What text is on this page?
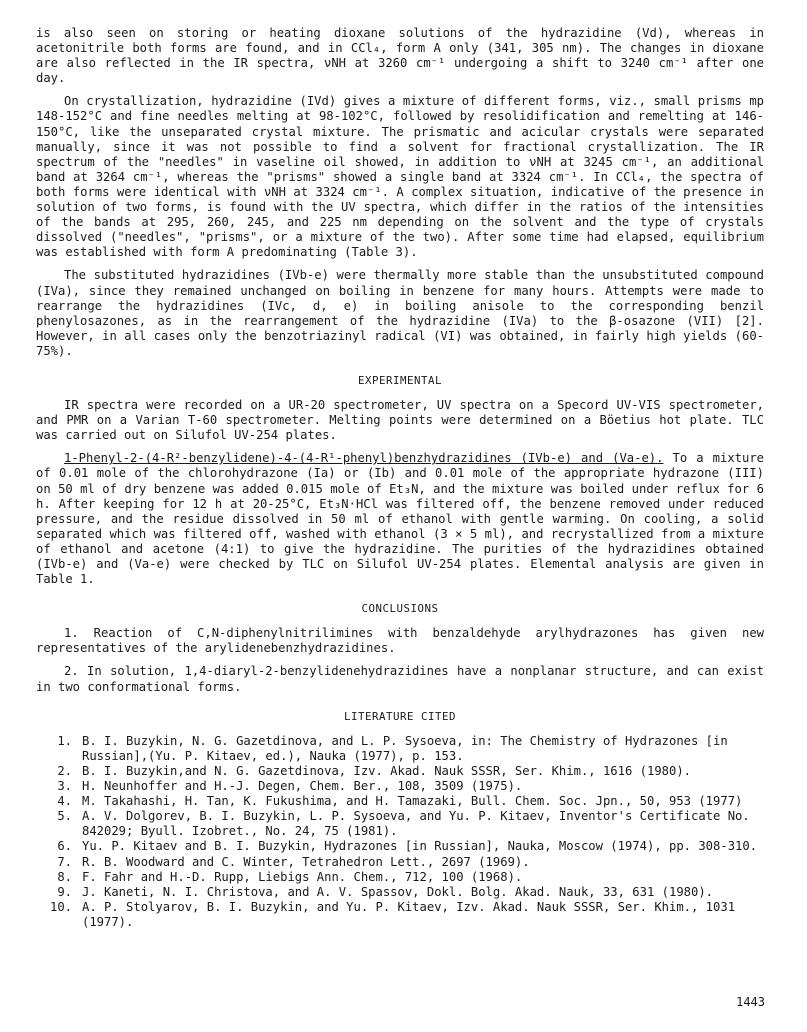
is also seen on storing or heating dioxane solutions of the hydrazidine (Vd), whereas in acetonitrile both forms are found, and in CCl₄, form A only (341, 305 nm). The changes in dioxane are also reflected in the IR spectra, νNH at 3260 cm⁻¹ undergoing a shift to 3240 cm⁻¹ after one day.

On crystallization, hydrazidine (IVd) gives a mixture of different forms, viz., small prisms mp 148-152°C and fine needles melting at 98-102°C, followed by resolidification and remelting at 146-150°C, like the unseparated crystal mixture. The prismatic and acicular crystals were separated manually, since it was not possible to find a solvent for fractional crystallization. The IR spectrum of the "needles" in vaseline oil showed, in addition to νNH at 3245 cm⁻¹, an additional band at 3264 cm⁻¹, whereas the "prisms" showed a single band at 3324 cm⁻¹. In CCl₄, the spectra of both forms were identical with νNH at 3324 cm⁻¹. A complex situation, indicative of the presence in solution of two forms, is found with the UV spectra, which differ in the ratios of the intensities of the bands at 295, 260, 245, and 225 nm depending on the solvent and the type of crystals dissolved ("needles", "prisms", or a mixture of the two). After some time had elapsed, equilibrium was established with form A predominating (Table 3).

The substituted hydrazidines (IVb-e) were thermally more stable than the unsubstituted compound (IVa), since they remained unchanged on boiling in benzene for many hours. Attempts were made to rearrange the hydrazidines (IVc, d, e) in boiling anisole to the corresponding benzil phenylosazones, as in the rearrangement of the hydrazidine (IVa) to the β-osazone (VII) [2]. However, in all cases only the benzotriazinyl radical (VI) was obtained, in fairly high yields (60-75%).

EXPERIMENTAL

IR spectra were recorded on a UR-20 spectrometer, UV spectra on a Specord UV-VIS spectrometer, and PMR on a Varian T-60 spectrometer. Melting points were determined on a Böetius hot plate. TLC was carried out on Silufol UV-254 plates.

1-Phenyl-2-(4-R²-benzylidene)-4-(4-R¹-phenyl)benzhydrazidines (IVb-e) and (Va-e). To a mixture of 0.01 mole of the chlorohydrazone (Ia) or (Ib) and 0.01 mole of the appropriate hydrazone (III) on 50 ml of dry benzene was added 0.015 mole of Et₃N, and the mixture was boiled under reflux for 6 h. After keeping for 12 h at 20-25°C, Et₃N·HCl was filtered off, the benzene removed under reduced pressure, and the residue dissolved in 50 ml of ethanol with gentle warming. On cooling, a solid separated which was filtered off, washed with ethanol (3 × 5 ml), and recrystallized from a mixture of ethanol and acetone (4:1) to give the hydrazidine. The purities of the hydrazidines obtained (IVb-e) and (Va-e) were checked by TLC on Silufol UV-254 plates. Elemental analysis are given in Table 1.

CONCLUSIONS

1. Reaction of C,N-diphenylnitrilimines with benzaldehyde arylhydrazones has given new representatives of the arylidenebenzhydrazidines.

2. In solution, 1,4-diaryl-2-benzylidenehydrazidines have a nonplanar structure, and can exist in two conformational forms.

LITERATURE CITED
1. B. I. Buzykin, N. G. Gazetdinova, and L. P. Sysoeva, in: The Chemistry of Hydrazones [in Russian],(Yu. P. Kitaev, ed.), Nauka (1977), p. 153.
2. B. I. Buzykin,and N. G. Gazetdinova, Izv. Akad. Nauk SSSR, Ser. Khim., 1616 (1980).
3. H. Neunhoffer and H.-J. Degen, Chem. Ber., 108, 3509 (1975).
4. M. Takahashi, H. Tan, K. Fukushima, and H. Tamazaki, Bull. Chem. Soc. Jpn., 50, 953 (1977)
5. A. V. Dolgorev, B. I. Buzykin, L. P. Sysoeva, and Yu. P. Kitaev, Inventor's Certificate No. 842029; Byull. Izobret., No. 24, 75 (1981).
6. Yu. P. Kitaev and B. I. Buzykin, Hydrazones [in Russian], Nauka, Moscow (1974), pp. 308-310.
7. R. B. Woodward and C. Winter, Tetrahedron Lett., 2697 (1969).
8. F. Fahr and H.-D. Rupp, Liebigs Ann. Chem., 712, 100 (1968).
9. J. Kaneti, N. I. Christova, and A. V. Spassov, Dokl. Bolg. Akad. Nauk, 33, 631 (1980).
10. A. P. Stolyarov, B. I. Buzykin, and Yu. P. Kitaev, Izv. Akad. Nauk SSSR, Ser. Khim., 1031 (1977).
1443
